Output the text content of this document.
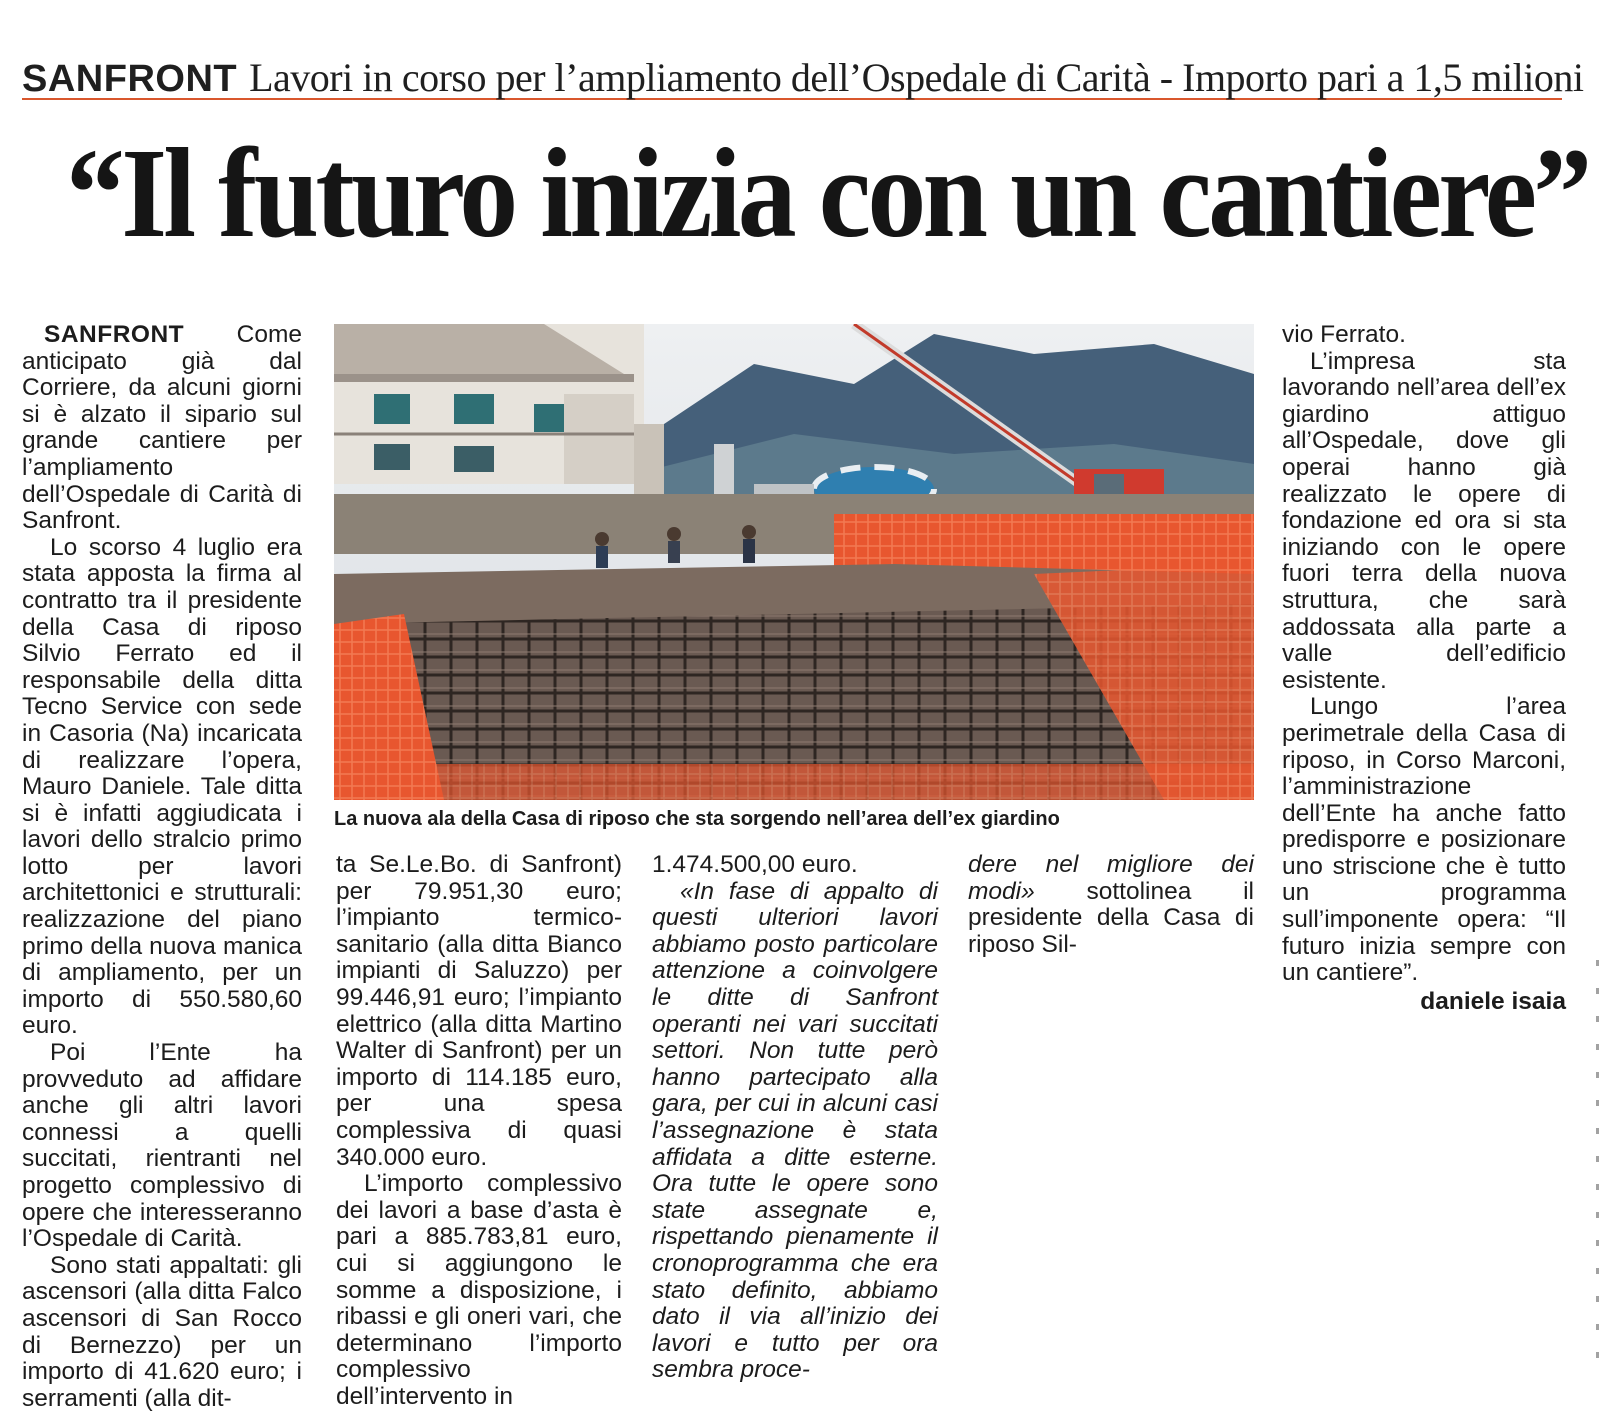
SANFRONT Lavori in corso per l’ampliamento dell’Ospedale di Carità - Importo pari a 1,5 milioni
“Il futuro inizia con un cantiere”

SANFRONT Come anticipato già dal Corriere, da alcuni giorni si è alzato il sipario sul grande cantiere per l’ampliamento dell’Ospedale di Carità di Sanfront.

Lo scorso 4 luglio era stata apposta la firma al contratto tra il presidente della Casa di riposo Silvio Ferrato ed il responsabile della ditta Tecno Service con sede in Casoria (Na) incaricata di realizzare l’opera, Mauro Daniele. Tale ditta si è infatti aggiudicata i lavori dello stralcio primo lotto per lavori architettonici e strutturali: realizzazione del piano primo della nuova manica di ampliamento, per un importo di 550.580,60 euro.

Poi l’Ente ha provveduto ad affidare anche gli altri lavori connessi a quelli succitati, rientranti nel progetto complessivo di opere che interesseranno l’Ospedale di Carità.

Sono stati appaltati: gli ascensori (alla ditta Falco ascensori di San Rocco di Bernezzo) per un importo di 41.620 euro; i serramenti (alla dit-

La nuova ala della Casa di riposo che sta sorgendo nell’area dell’ex giardino

ta Se.Le.Bo. di Sanfront) per 79.951,30 euro; l’impianto termico-sanitario (alla ditta Bianco impianti di Saluzzo) per 99.446,91 euro; l’impianto elettrico (alla ditta Martino Walter di Sanfront) per un importo di 114.185 euro, per una spesa complessiva di quasi 340.000 euro.

L’importo complessivo dei lavori a base d’asta è pari a 885.783,81 euro, cui si aggiungono le somme a disposizione, i ribassi e gli oneri vari, che determinano l’importo complessivo dell’intervento in

1.474.500,00 euro.

«In fase di appalto di questi ulteriori lavori abbiamo posto particolare attenzione a coinvolgere le ditte di Sanfront operanti nei vari succitati settori. Non tutte però hanno partecipato alla gara, per cui in alcuni casi l’assegnazione è stata affidata a ditte esterne. Ora tutte le opere sono state assegnate e, rispettando pienamente il cronoprogramma che era stato definito, abbiamo dato il via all’inizio dei lavori e tutto per ora sembra proce-

dere nel migliore dei modi» sottolinea il presidente della Casa di riposo Sil-

vio Ferrato.

L’impresa sta lavorando nell’area dell’ex giardino attiguo all’Ospedale, dove gli operai hanno già realizzato le opere di fondazione ed ora si sta iniziando con le opere fuori terra della nuova struttura, che sarà addossata alla parte a valle dell’edificio esistente.

Lungo l’area perimetrale della Casa di riposo, in Corso Marconi, l’amministrazione dell’Ente ha anche fatto predisporre e posizionare uno striscione che è tutto un programma sull’imponente opera: “Il futuro inizia sempre con un cantiere”.

daniele isaia
